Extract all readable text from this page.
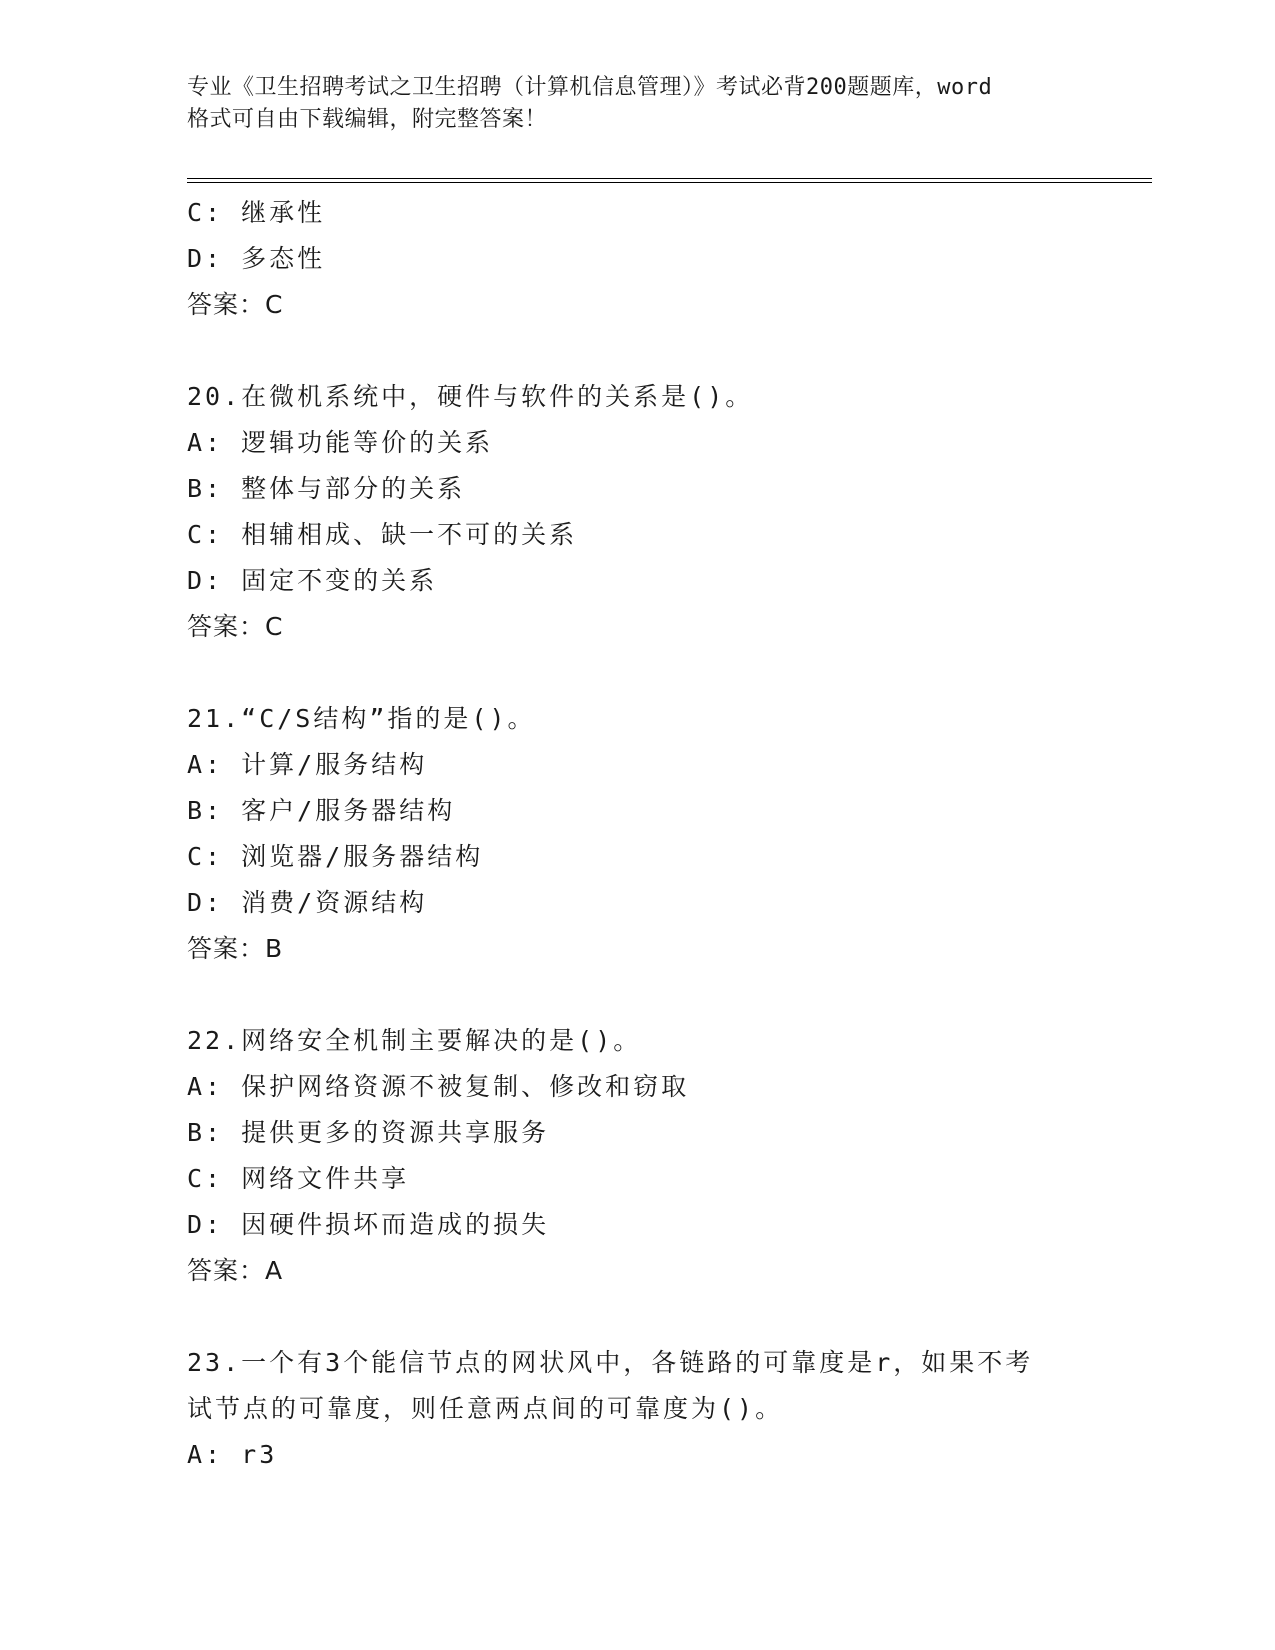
专业《卫生招聘考试之卫生招聘（计算机信息管理）》考试必背200题题库，word
格式可自由下载编辑，附完整答案！
C: 继承性
D: 多态性
答案：C
20.在微机系统中，硬件与软件的关系是()。
A: 逻辑功能等价的关系
B: 整体与部分的关系
C: 相辅相成、缺一不可的关系
D: 固定不变的关系
答案：C
21.“C/S结构”指的是()。
A: 计算/服务结构
B: 客户/服务器结构
C: 浏览器/服务器结构
D: 消费/资源结构
答案：B
22.网络安全机制主要解决的是()。
A: 保护网络资源不被复制、修改和窃取
B: 提供更多的资源共享服务
C: 网络文件共享
D: 因硬件损坏而造成的损失
答案：A
23.一个有3个能信节点的网状风中，各链路的可靠度是r，如果不考
试节点的可靠度，则任意两点间的可靠度为()。
A: r3
